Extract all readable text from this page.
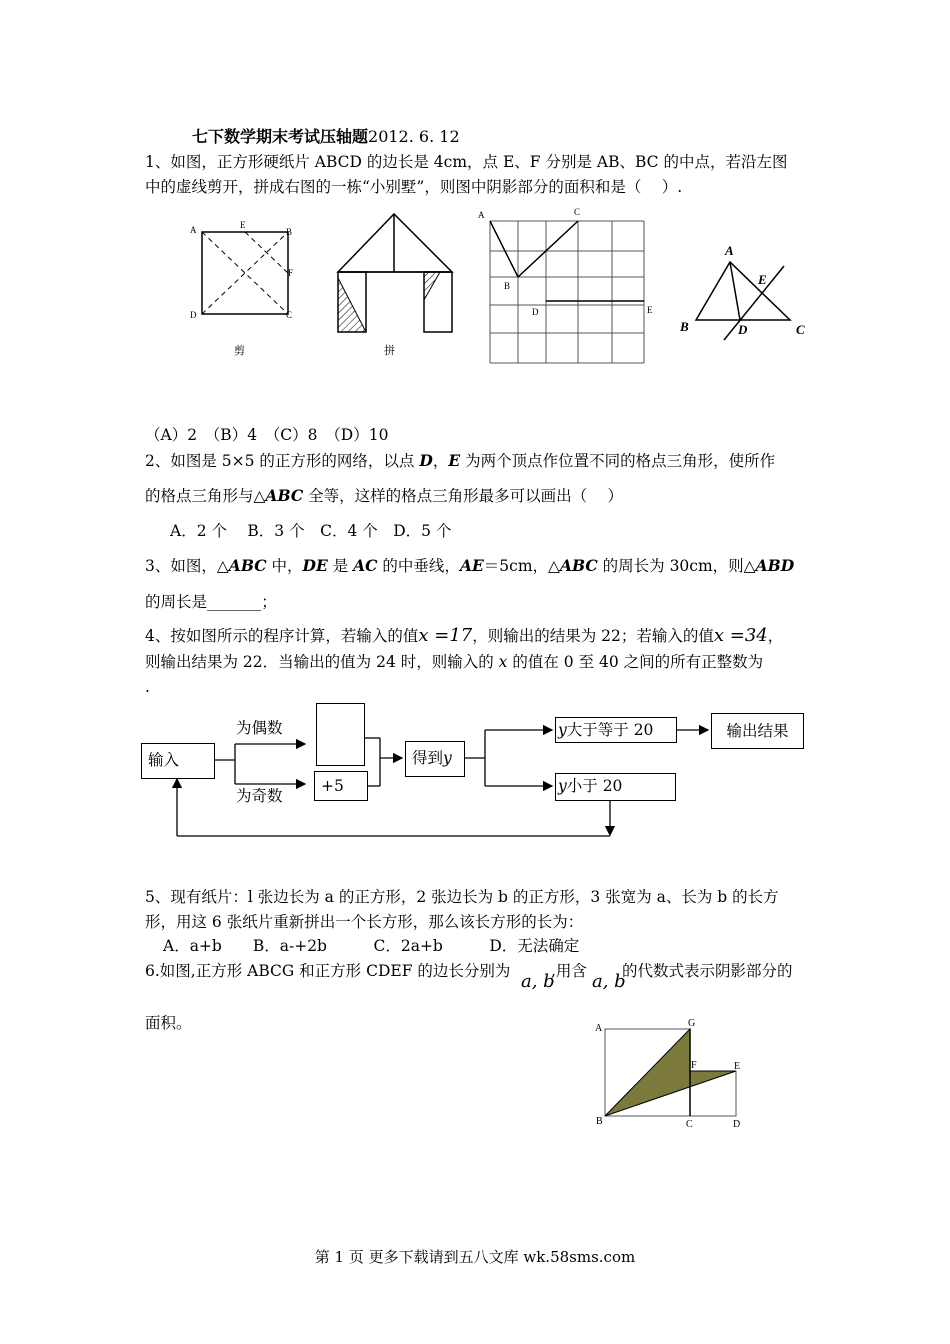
七下数学期末考试压轴题2012. 6. 12
1、如图，正方形硬纸片 ABCD 的边长是 4cm，点 E、F 分别是 AB、BC 的中点，若沿左图
中的虚线剪开，拼成右图的一栋“小别墅”，则图中阴影部分的面积和是（　 ）.
A	E
B
F
D	C
剪	拼
A	C
B
D	E
A
E
B	D	C
（A）2　（B）4　（C）8　（D）10
2、如图是 5×5 的正方形的网络，以点 D，E 为两个顶点作位置不同的格点三角形，使所作
的格点三角形与△ABC 全等，这样的格点三角形最多可以画出（　 ）
A．2 个　 B．3 个　C．4 个　D．5 个
3、如图，△ABC 中，DE 是 AC 的中垂线，AE＝5cm，△ABC 的周长为 30cm，则△ABD
的周长是_______；
4、按如图所示的程序计算，若输入的值x =17，则输出的结果为 22；若输入的值x =34，
则输出结果为 22．当输出的值为 24 时，则输入的 x 的值在 0 至 40 之间的所有正整数为
.
输入
为偶数
为奇数
+5
得到y
y大于等于 20
y小于 20
输出结果
5、现有纸片：l 张边长为 a 的正方形，2 张边长为 b 的正方形，3 张宽为 a、长为 b 的长方
形，用这 6 张纸片重新拼出一个长方形，那么该长方形的长为：
A．a+b　　B．a-+2b　　　C．2a+b　　　D．无法确定
6.如图,正方形 ABCG 和正方形 CDEF 的边长分别为 a, b
,用含 a, b
的代数式表示阴影部分的
面积。	A	G
F	E
B	C	D
第 1 页 更多下载请到五八文库 wk.58sms.com
